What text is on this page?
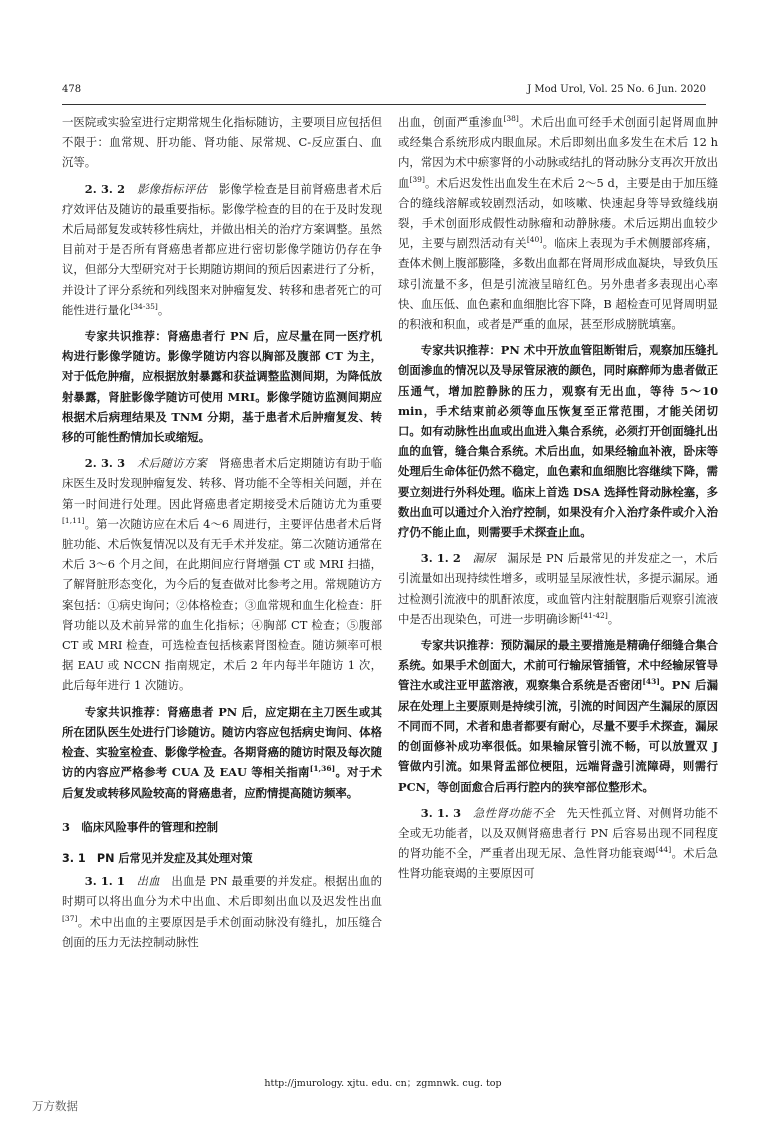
478	J Mod Urol, Vol. 25 No. 6 Jun. 2020

一医院或实验室进行定期常规生化指标随访，主要项目应包括但不限于：血常规、肝功能、肾功能、尿常规、C-反应蛋白、血沉等。

2. 3. 2　 影像指标评估　 影像学检查是目前肾癌患者术后疗效评估及随访的最重要指标。影像学检查的目的在于及时发现术后局部复发或转移性病灶，并做出相关的治疗方案调整。虽然目前对于是否所有肾癌患者都应进行密切影像学随访仍存在争议，但部分大型研究对于长期随访期间的预后因素进行了分析，并设计了评分系统和列线图来对肿瘤复发、转移和患者死亡的可能性进行量化[34-35]。

专家共识推荐：肾癌患者行 PN 后，应尽量在同一医疗机构进行影像学随访。影像学随访内容以胸部及腹部 CT 为主，对于低危肿瘤，应根据放射暴露和获益调整监测间期，为降低放射暴露，肾脏影像学随访可使用 MRI。影像学随访监测间期应根据术后病理结果及 TNM 分期，基于患者术后肿瘤复发、转移的可能性酌情加长或缩短。

2. 3. 3　 术后随访方案　 肾癌患者术后定期随访有助于临床医生及时发现肿瘤复发、转移、肾功能不全等相关问题，并在第一时间进行处理。因此肾癌患者定期接受术后随访尤为重要[1,11]。第一次随访应在术后 4～6 周进行，主要评估患者术后肾脏功能、术后恢复情况以及有无手术并发症。第二次随访通常在术后 3～6 个月之间，在此期间应行肾增强 CT 或 MRI 扫描，了解肾脏形态变化，为今后的复查做对比参考之用。常规随访方案包括：①病史询问；②体格检查；③血常规和血生化检查：肝肾功能以及术前异常的血生化指标；④胸部 CT 检查；⑤腹部 CT 或 MRI 检查，可选检查包括核素肾图检查。随访频率可根据 EAU 或 NCCN 指南规定，术后 2 年内每半年随访 1 次，此后每年进行 1 次随访。

专家共识推荐：肾癌患者 PN 后，应定期在主刀医生或其所在团队医生处进行门诊随访。随访内容应包括病史询问、体格检查、实验室检查、影像学检查。各期肾癌的随访时限及每次随访的内容应严格参考 CUA 及 EAU 等相关指南[1,36]。对于术后复发或转移风险较高的肾癌患者，应酌情提高随访频率。

3　临床风险事件的管理和控制

3. 1　PN 后常见并发症及其处理对策

3. 1. 1　 出血　 出血是 PN 最重要的并发症。根据出血的时期可以将出血分为术中出血、术后即刻出血以及迟发性出血[37]。术中出血的主要原因是手术创面动脉没有缝扎，加压缝合创面的压力无法控制动脉性

出血，创面严重渗血[38]。术后出血可经手术创面引起肾周血肿或经集合系统形成内眼血尿。术后即刻出血多发生在术后 12 h 内，常因为术中瘀寥肾的小动脉或结扎的肾动脉分支再次开放出血[39]。术后迟发性出血发生在术后 2～5 d，主要是由于加压缝合的缝线溶解或较剧烈活动，如咳嗽、快速起身等导致缝线崩裂，手术创面形成假性动脉瘤和动静脉瘘。术后远期出血较少见，主要与剧烈活动有关[40]。临床上表现为手术侧腰部疼痛，查体术侧上腹部膨隆，多数出血都在肾周形成血凝块，导致负压球引流量不多，但是引流液呈暗红色。另外患者多表现出心率快、血压低、血色素和血细胞比容下降，B 超检查可见肾周明显的积液和积血，或者是严重的血尿，甚至形成膀胱填塞。

专家共识推荐：PN 术中开放血管阻断钳后，观察加压缝扎创面渗血的情况以及导尿管尿液的颜色，同时麻醉师为患者做正压通气，增加腔静脉的压力，观察有无出血，等待 5～10 min，手术结束前必须等血压恢复至正常范围，才能关闭切口。如有动脉性出血或出血进入集合系统，必须打开创面缝扎出血的血管，缝合集合系统。术后出血，如果经输血补液，卧床等处理后生命体征仍然不稳定，血色素和血细胞比容继续下降，需要立刻进行外科处理。临床上首选 DSA 选择性肾动脉栓塞，多数出血可以通过介入治疗控制，如果没有介入治疗条件或介入治疗仍不能止血，则需要手术探查止血。

3. 1. 2　 漏尿　 漏尿是 PN 后最常见的并发症之一，术后引流量如出现持续性增多，或明显呈尿液性状，多提示漏尿。通过检测引流液中的肌酐浓度，或血管内注射靛胭脂后观察引流液中是否出现染色，可进一步明确诊断[41-42]。

专家共识推荐：预防漏尿的最主要措施是精确仔细缝合集合系统。如果手术创面大，术前可行输尿管插管，术中经输尿管导管注水或注亚甲蓝溶液，观察集合系统是否密闭[43]。PN 后漏尿在处理上主要原则是持续引流，引流的时间因产生漏尿的原因不同而不同，术者和患者都要有耐心，尽量不要手术探查，漏尿的创面修补成功率很低。如果输尿管引流不畅，可以放置双 J 管做内引流。如果肾盂部位梗阻，远端肾盏引流障碍，则需行 PCN，等创面愈合后再行腔内的狭窄部位整形术。

3. 1. 3　 急性肾功能不全　 先天性孤立肾、对侧肾功能不全或无功能者，以及双侧肾癌患者行 PN 后容易出现不同程度的肾功能不全，严重者出现无尿、急性肾功能衰竭[44]。术后急性肾功能衰竭的主要原因可

http://jmurology. xjtu. edu. cn；zgmnwk. cug. top
万方数据
